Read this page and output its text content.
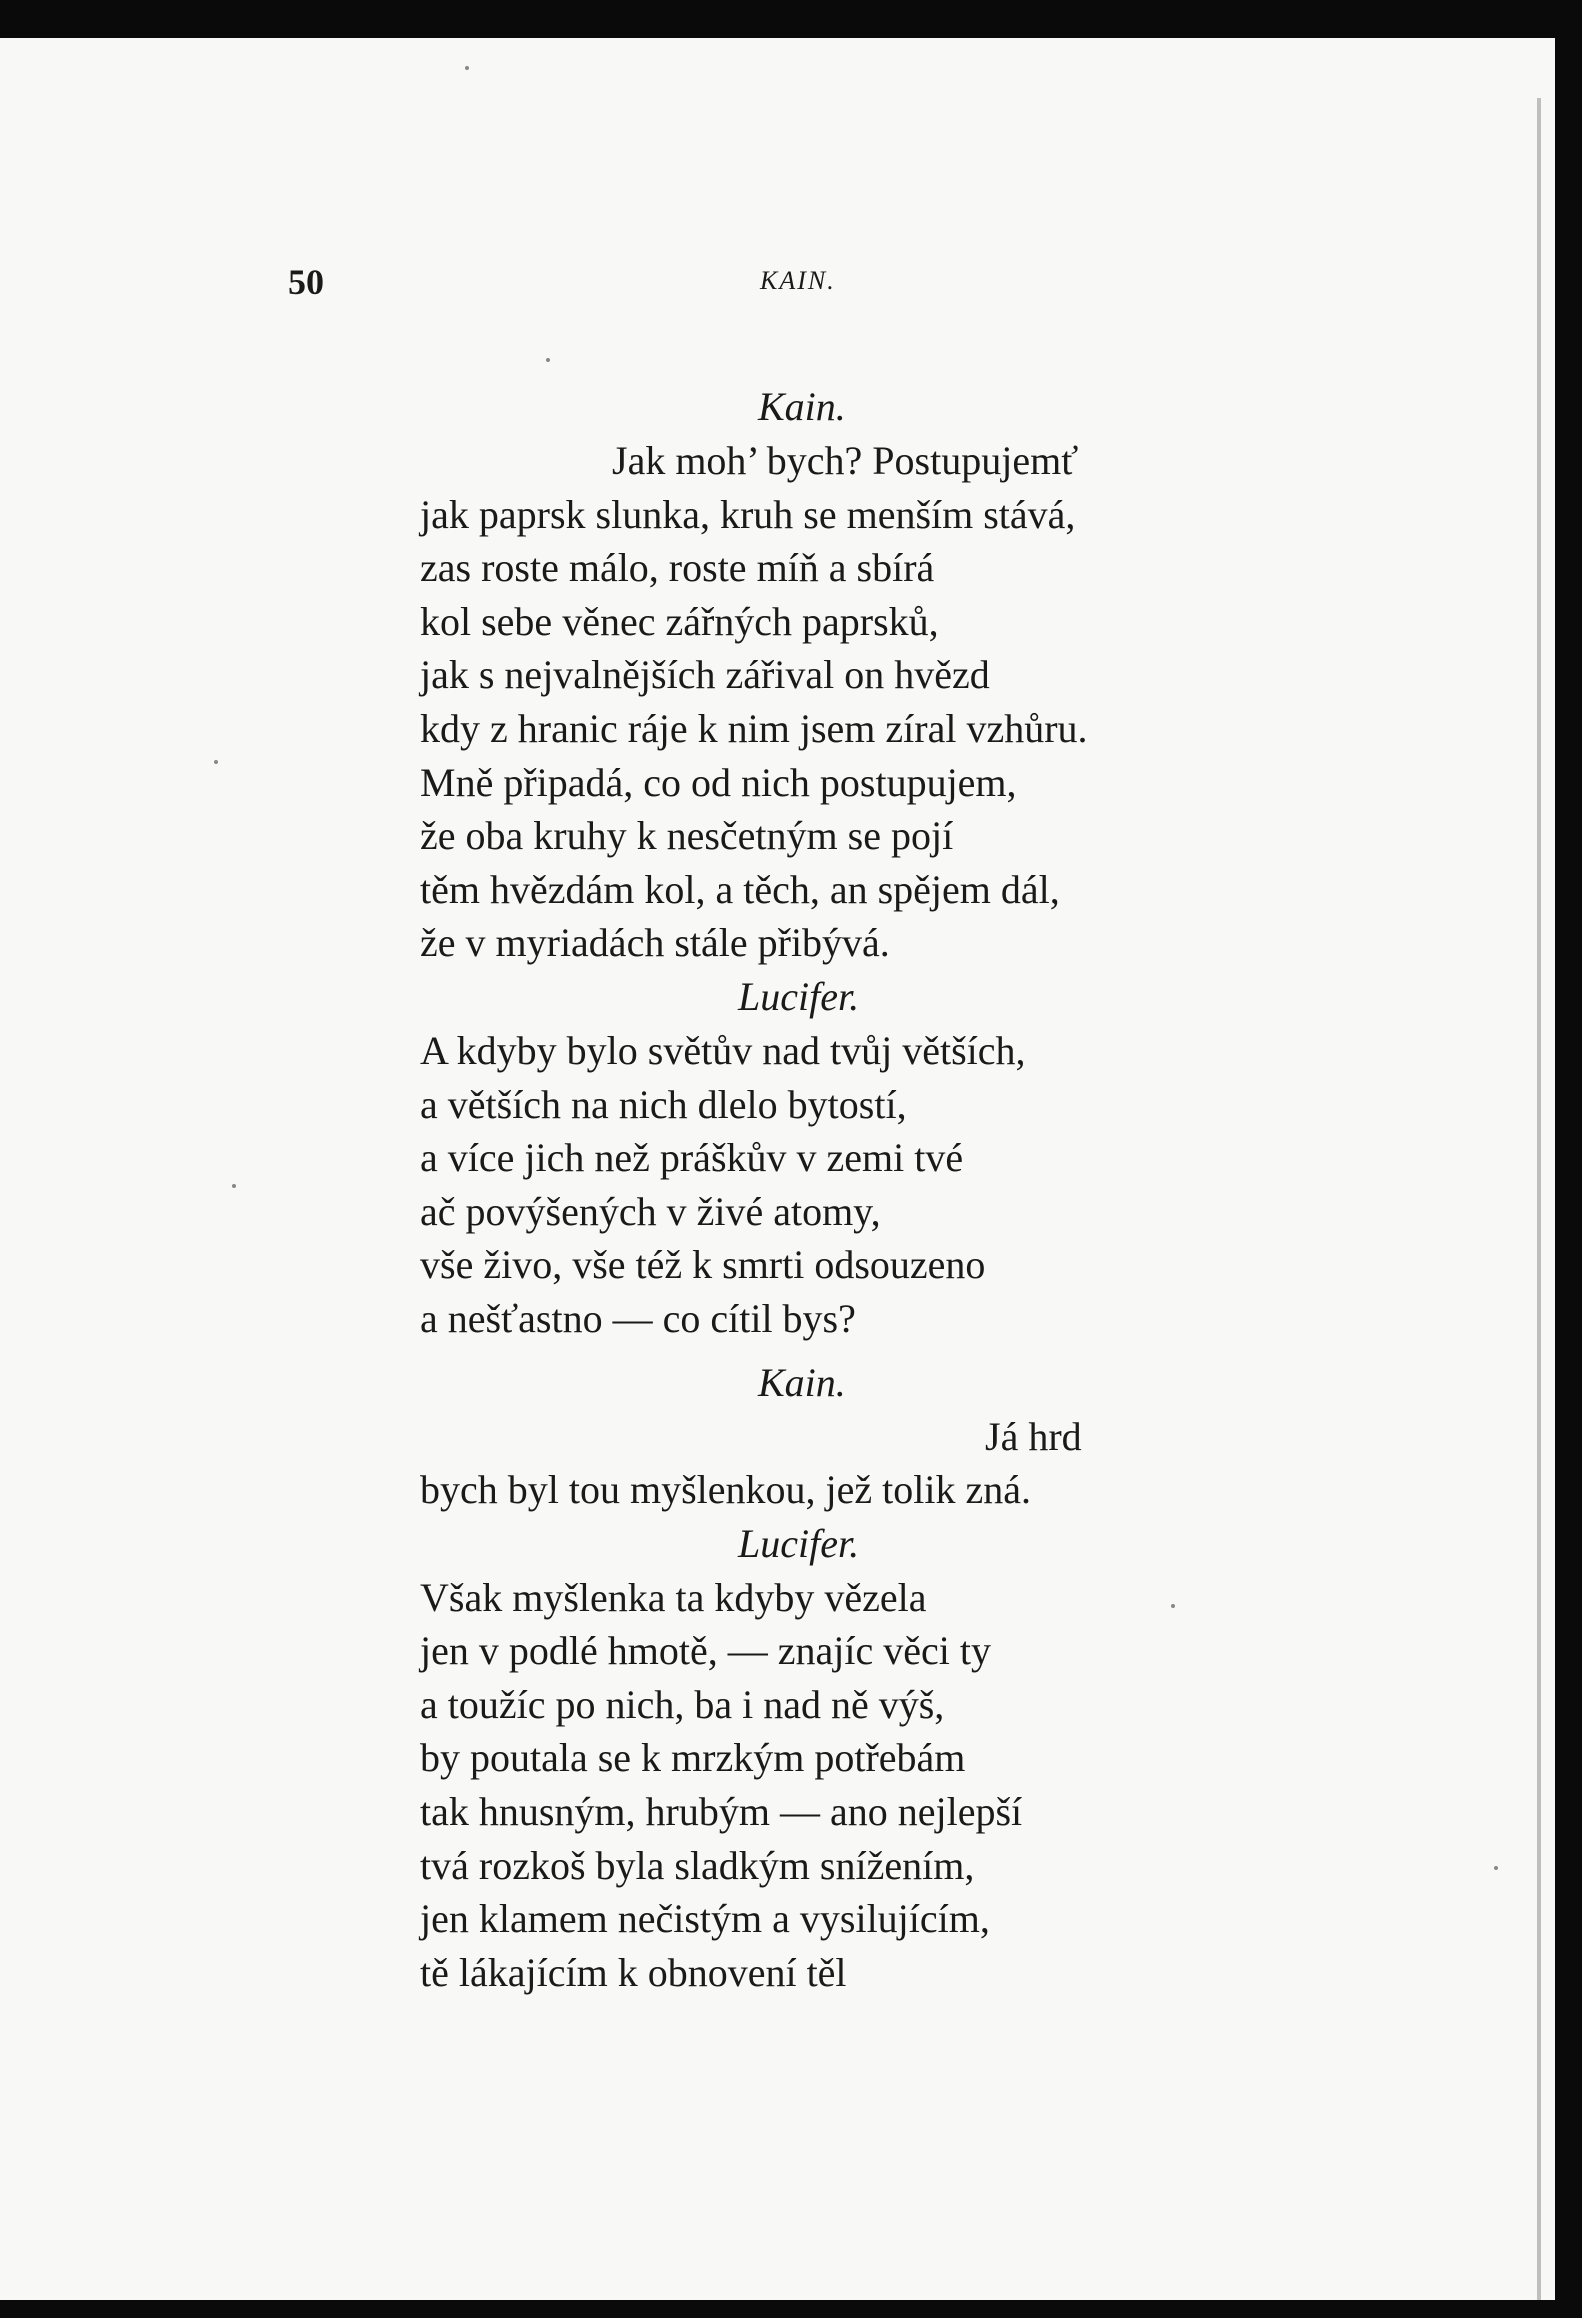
50	KAIN.
Kain.
Jak moh’ bych? Postupujemť
jak paprsk slunka, kruh se menším stává,
zas roste málo, roste míň a sbírá
kol sebe věnec zářných paprsků,
jak s nejvalnějších zářival on hvězd
kdy z hranic ráje k nim jsem zíral vzhůru.
Mně připadá, co od nich postupujem,
že oba kruhy k nesčetným se pojí
těm hvězdám kol, a těch, an spějem dál,
že v myriadách stále přibývá.
Lucifer.
A kdyby bylo světův nad tvůj větších,
a větších na nich dlelo bytostí,
a více jich než práškův v zemi tvé
ač povýšených v živé atomy,
vše živo, vše též k smrti odsouzeno
a nešťastno — co cítil bys?
Kain.
Já hrd
bych byl tou myšlenkou, jež tolik zná.
Lucifer.
Však myšlenka ta kdyby vězela
jen v podlé hmotě, — znajíc věci ty
a toužíc po nich, ba i nad ně výš,
by poutala se k mrzkým potřebám
tak hnusným, hrubým — ano nejlepší
tvá rozkoš byla sladkým snížením,
jen klamem nečistým a vysilujícím,
tě lákajícím k obnovení těl
